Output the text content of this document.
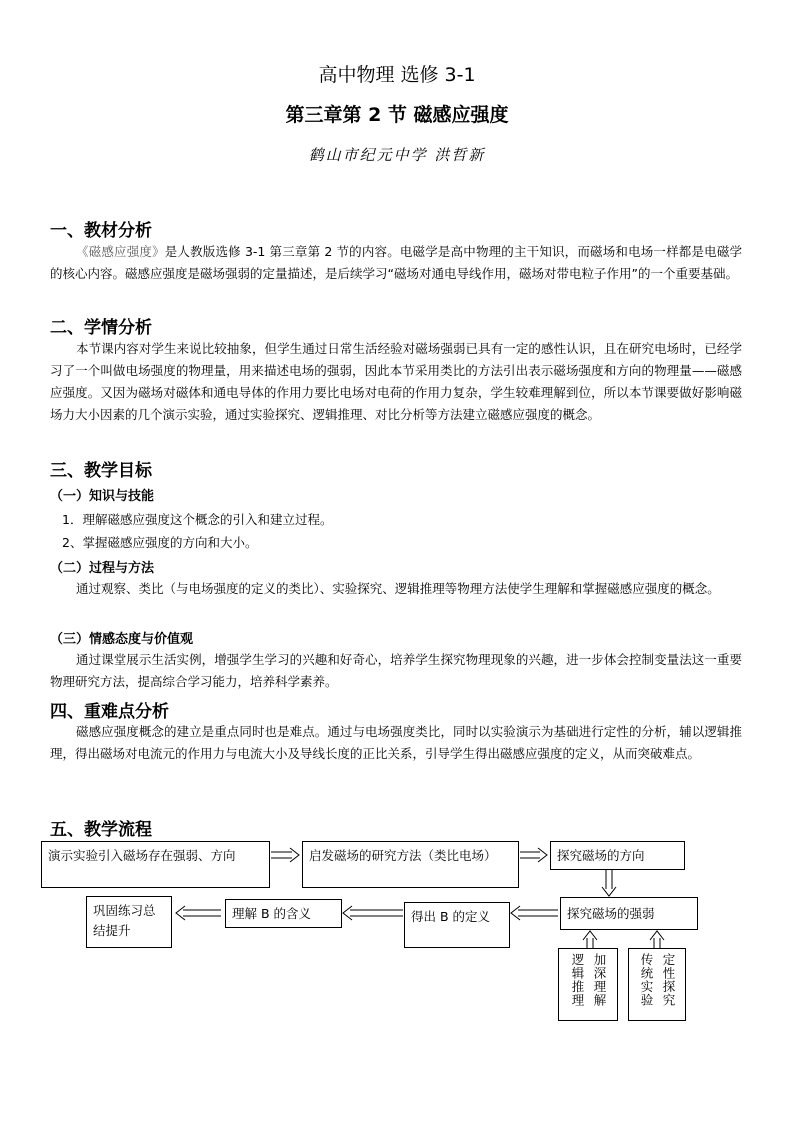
高中物理 选修 3-1
第三章第 2 节 磁感应强度
鹤山市纪元中学 洪哲新
一、教材分析
《磁感应强度》是人教版选修 3-1 第三章第 2 节的内容。电磁学是高中物理的主干知识，而磁场和电场一样都是电磁学的核心内容。磁感应强度是磁场强弱的定量描述，是后续学习“磁场对通电导线作用，磁场对带电粒子作用”的一个重要基础。
二、学情分析
本节课内容对学生来说比较抽象，但学生通过日常生活经验对磁场强弱已具有一定的感性认识，且在研究电场时，已经学习了一个叫做电场强度的物理量，用来描述电场的强弱，因此本节采用类比的方法引出表示磁场强度和方向的物理量——磁感应强度。又因为磁场对磁体和通电导体的作用力要比电场对电荷的作用力复杂，学生较难理解到位，所以本节课要做好影响磁场力大小因素的几个演示实验，通过实验探究、逻辑推理、对比分析等方法建立磁感应强度的概念。
三、教学目标
（一）知识与技能
1．理解磁感应强度这个概念的引入和建立过程。
2、掌握磁感应强度的方向和大小。
（二）过程与方法
通过观察、类比（与电场强度的定义的类比）、实验探究、逻辑推理等物理方法使学生理解和掌握磁感应强度的概念。
（三）情感态度与价值观
通过课堂展示生活实例，增强学生学习的兴趣和好奇心，培养学生探究物理现象的兴趣，进一步体会控制变量法这一重要物理研究方法，提高综合学习能力，培养科学素养。
四、重难点分析
磁感应强度概念的建立是重点同时也是难点。通过与电场强度类比，同时以实验演示为基础进行定性的分析，辅以逻辑推理，得出磁场对电流元的作用力与电流大小及导线长度的正比关系，引导学生得出磁感应强度的定义，从而突破难点。
五、教学流程
演示实验引入磁场存在强弱、方向	启发磁场的研究方法（类比电场）	探究磁场的方向
探究磁场的强弱
得出 B 的定义
理解 B 的含义
巩固练习总结提升
加深理解
逻辑推理	定性探究
传统实验
